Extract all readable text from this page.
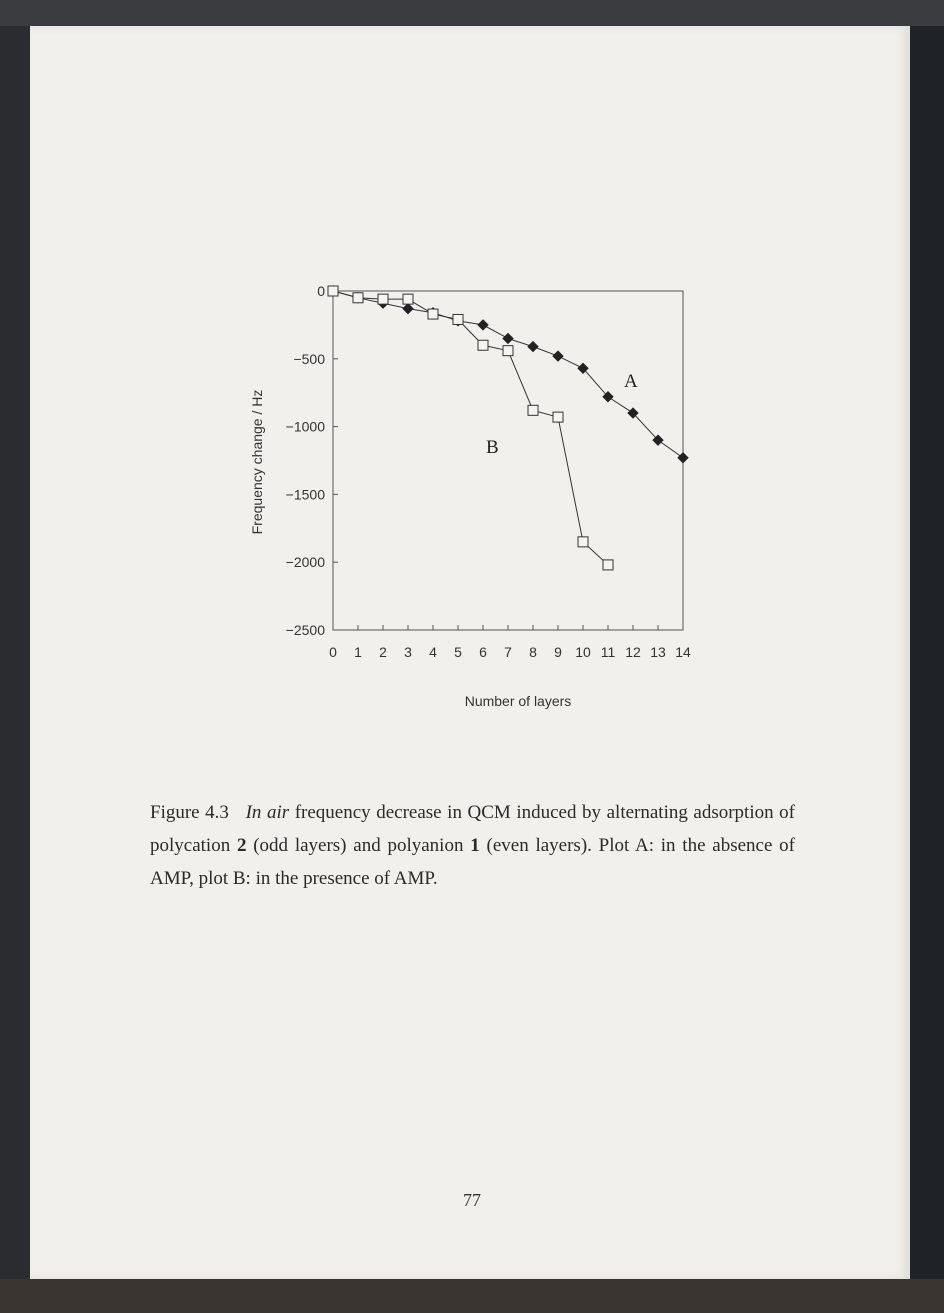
0
−500
−1000
−1500
−2000
−2500
0 1 2 3 4 5 6 7 8 9 10 11 12 13 14
Number of layers
Frequency change / Hz
A
B
Figure 4.3 In air frequency decrease in QCM induced by alternating adsorption of polycation 2 (odd layers) and polyanion 1 (even layers). Plot A: in the absence of AMP, plot B: in the presence of AMP.
77
